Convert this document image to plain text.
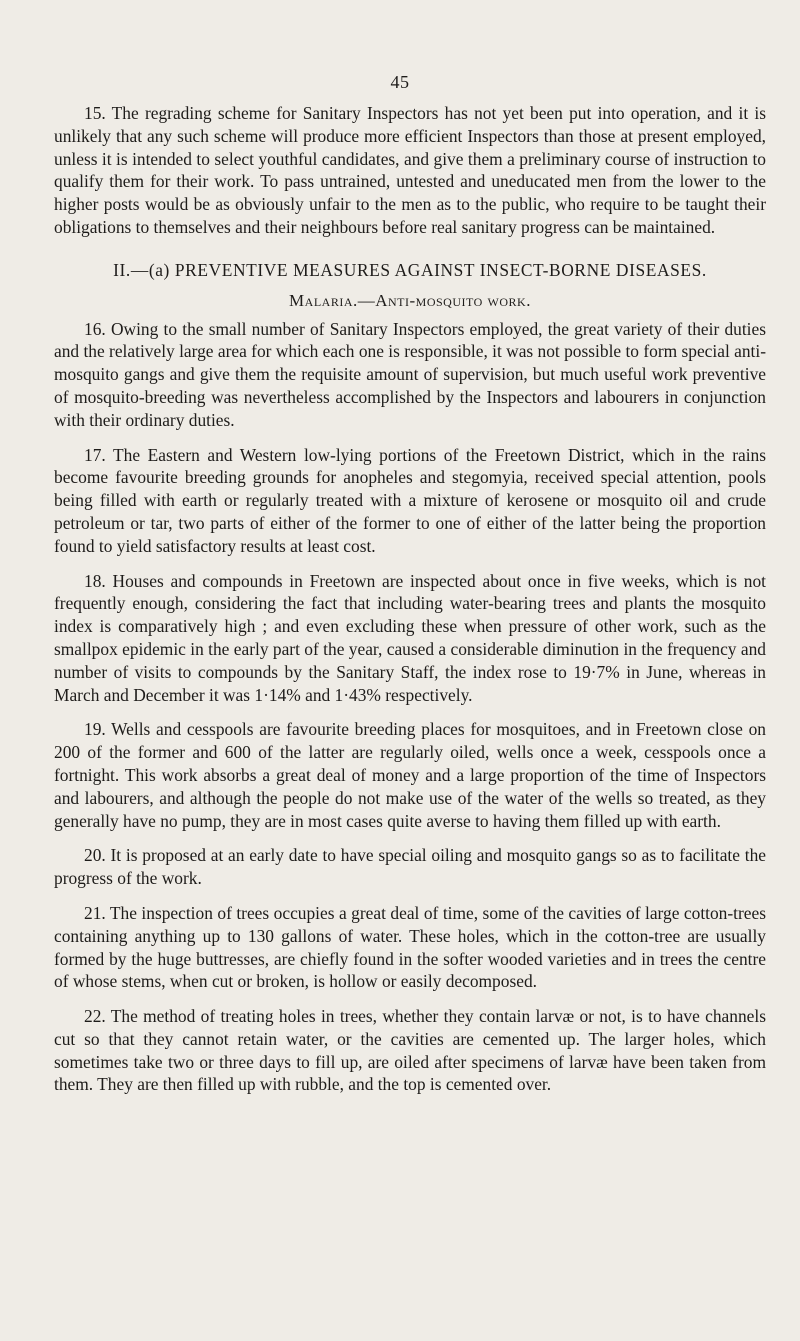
45

15. The regrading scheme for Sanitary Inspectors has not yet been put into operation, and it is unlikely that any such scheme will produce more efficient Inspectors than those at present employed, unless it is intended to select youthful candidates, and give them a preliminary course of instruction to qualify them for their work. To pass untrained, untested and uneducated men from the lower to the higher posts would be as obviously unfair to the men as to the public, who require to be taught their obligations to themselves and their neighbours before real sanitary progress can be maintained.

II.—(a) PREVENTIVE MEASURES AGAINST INSECT-BORNE DISEASES.
Malaria.—Anti-mosquito work.

16. Owing to the small number of Sanitary Inspectors employed, the great variety of their duties and the relatively large area for which each one is responsible, it was not possible to form special anti-mosquito gangs and give them the requisite amount of supervision, but much useful work preventive of mosquito-breeding was nevertheless accomplished by the Inspectors and labourers in conjunction with their ordinary duties.

17. The Eastern and Western low-lying portions of the Freetown District, which in the rains become favourite breeding grounds for anopheles and stegomyia, received special attention, pools being filled with earth or regularly treated with a mixture of kerosene or mosquito oil and crude petroleum or tar, two parts of either of the former to one of either of the latter being the proportion found to yield satisfactory results at least cost.

18. Houses and compounds in Freetown are inspected about once in five weeks, which is not frequently enough, considering the fact that including water-bearing trees and plants the mosquito index is comparatively high ; and even excluding these when pressure of other work, such as the smallpox epidemic in the early part of the year, caused a considerable diminution in the frequency and number of visits to compounds by the Sanitary Staff, the index rose to 19·7% in June, whereas in March and December it was 1·14% and 1·43% respectively.

19. Wells and cesspools are favourite breeding places for mosquitoes, and in Freetown close on 200 of the former and 600 of the latter are regularly oiled, wells once a week, cesspools once a fortnight. This work absorbs a great deal of money and a large proportion of the time of Inspectors and labourers, and although the people do not make use of the water of the wells so treated, as they generally have no pump, they are in most cases quite averse to having them filled up with earth.

20. It is proposed at an early date to have special oiling and mosquito gangs so as to facilitate the progress of the work.

21. The inspection of trees occupies a great deal of time, some of the cavities of large cotton-trees containing anything up to 130 gallons of water. These holes, which in the cotton-tree are usually formed by the huge buttresses, are chiefly found in the softer wooded varieties and in trees the centre of whose stems, when cut or broken, is hollow or easily decomposed.

22. The method of treating holes in trees, whether they contain larvæ or not, is to have channels cut so that they cannot retain water, or the cavities are cemented up. The larger holes, which sometimes take two or three days to fill up, are oiled after specimens of larvæ have been taken from them. They are then filled up with rubble, and the top is cemented over.
